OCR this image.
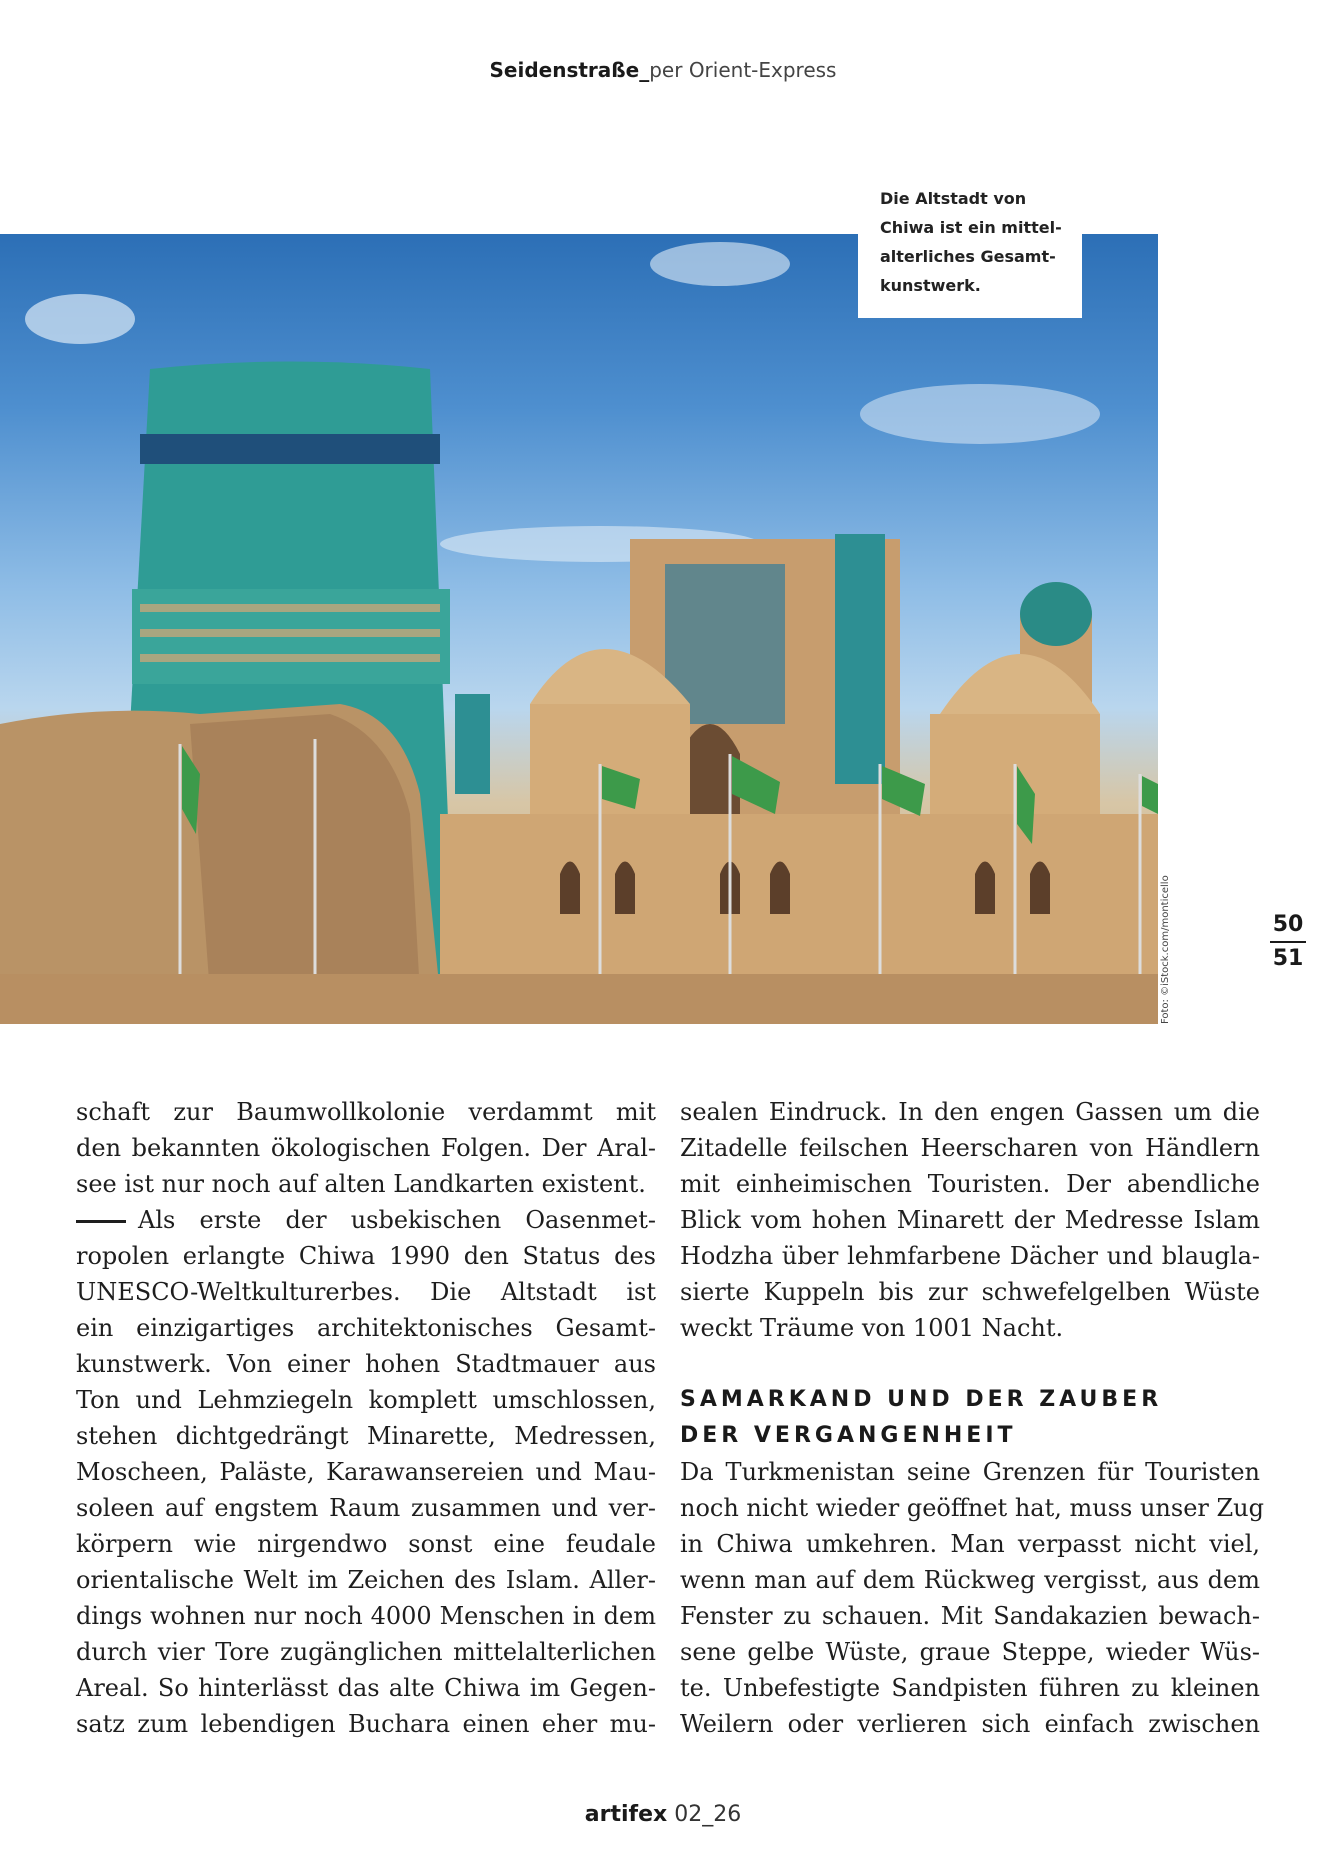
Seidenstraße_per Orient-Express
Die Altstadt von
Chiwa ist ein mittel-
alterliches Gesamt-
kunstwerk.
Foto: ©iStock.com/monticello	50
51
schaft zur Baumwollkolonie verdammt mit
den bekannten ökologischen Folgen. Der Aral-
see ist nur noch auf alten Landkarten existent.
Als erste der usbekischen Oasenmet-
ropolen erlangte Chiwa 1990 den Status des
UNESCO-Weltkulturerbes. Die Altstadt ist
ein einzigartiges architektonisches Gesamt-
kunstwerk. Von einer hohen Stadtmauer aus
Ton und Lehmziegeln komplett umschlossen,
stehen dichtgedrängt Minarette, Medressen,
Moscheen, Paläste, Karawansereien und Mau-
soleen auf engstem Raum zusammen und ver-
körpern wie nirgendwo sonst eine feudale
orientalische Welt im Zeichen des Islam. Aller-
dings wohnen nur noch 4000 Menschen in dem
durch vier Tore zugänglichen mittelalterlichen
Areal. So hinterlässt das alte Chiwa im Gegen-
satz zum lebendigen Buchara einen eher mu-
sealen Eindruck. In den engen Gassen um die
Zitadelle feilschen Heerscharen von Händlern
mit einheimischen Touristen. Der abendliche
Blick vom hohen Minarett der Medresse Islam
Hodzha über lehmfarbene Dächer und blaugla-
sierte Kuppeln bis zur schwefelgelben Wüste
weckt Träume von 1001 Nacht.
SAMARKAND UND DER ZAUBER
DER VERGANGENHEIT
Da Turkmenistan seine Grenzen für Touristen
noch nicht wieder geöffnet hat, muss unser Zug
in Chiwa umkehren. Man verpasst nicht viel,
wenn man auf dem Rückweg vergisst, aus dem
Fenster zu schauen. Mit Sandakazien bewach-
sene gelbe Wüste, graue Steppe, wieder Wüs-
te. Unbefestigte Sandpisten führen zu kleinen
Weilern oder verlieren sich einfach zwischen
artifex 02_26
